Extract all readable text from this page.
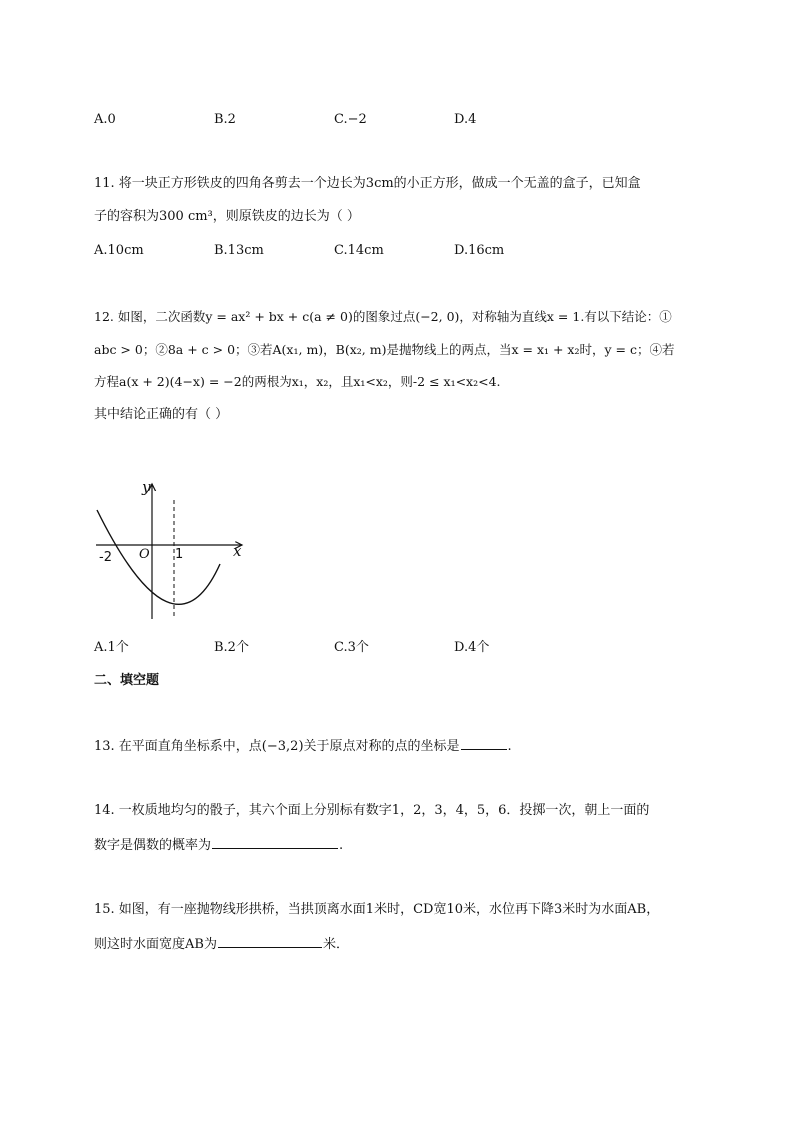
A.0	B.2	C.−2	D.4
11. 将一块正方形铁皮的四角各剪去一个边长为3cm的小正方形，做成一个无盖的盒子，已知盒
子的容积为300 cm³，则原铁皮的边长为（ ）
A.10cm	B.13cm	C.14cm	D.16cm
12. 如图，二次函数y = ax² + bx + c(a ≠ 0)的图象过点(−2, 0)，对称轴为直线x = 1.有以下结论：①
abc > 0；②8a + c > 0；③若A(x₁, m)，B(x₂, m)是抛物线上的两点，当x = x₁ + x₂时，y = c；④若
方程a(x + 2)(4−x) = −2的两根为x₁，x₂，且x₁<x₂，则-2 ≤ x₁<x₂<4.
其中结论正确的有（ ）
y
x
O
-2	1
A.1个	B.2个	C.3个	D.4个
二、填空题
13. 在平面直角坐标系中，点(−3,2)关于原点对称的点的坐标是	.
14. 一枚质地均匀的骰子，其六个面上分别标有数字1，2，3，4，5，6．投掷一次，朝上一面的
数字是偶数的概率为	.
15. 如图，有一座抛物线形拱桥，当拱顶离水面1米时，CD宽10米，水位再下降3米时为水面AB，
则这时水面宽度AB为	米．
